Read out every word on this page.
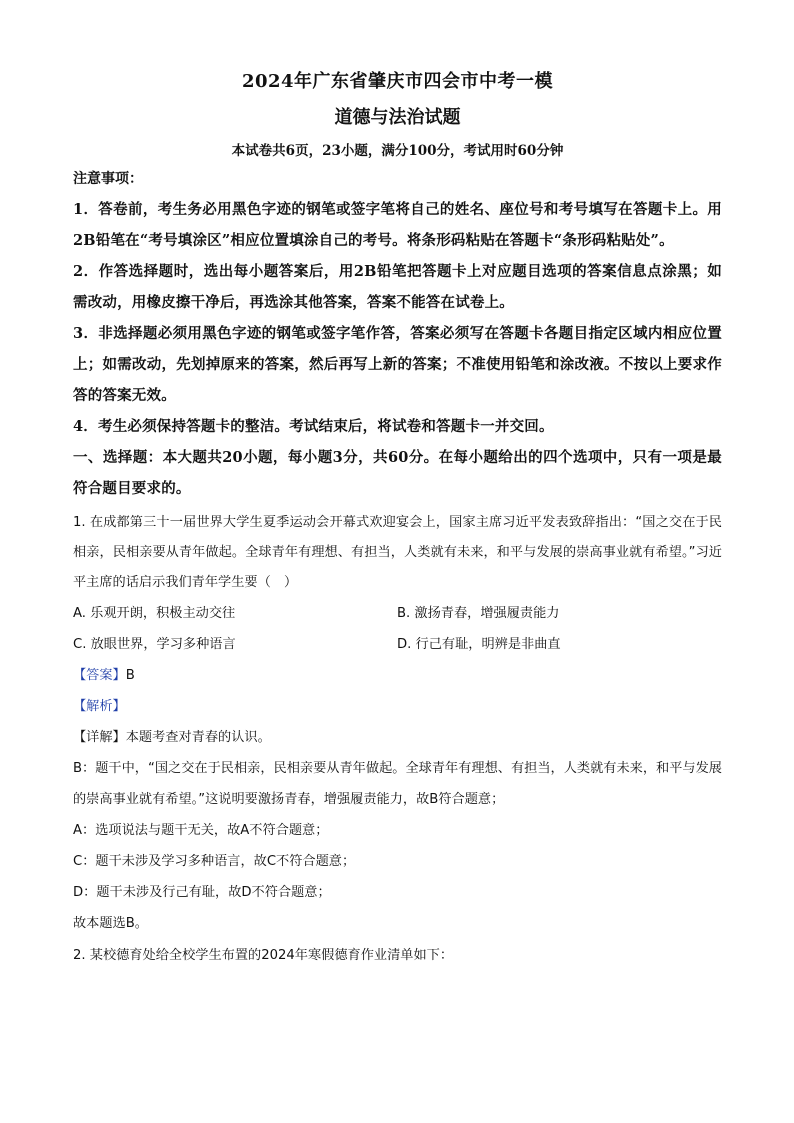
2024年广东省肇庆市四会市中考一模
道德与法治试题

本试卷共6页，23小题，满分100分，考试用时60分钟

注意事项：

1．答卷前，考生务必用黑色字迹的钢笔或签字笔将自己的姓名、座位号和考号填写在答题卡上。用2B铅笔在“考号填涂区”相应位置填涂自己的考号。将条形码粘贴在答题卡“条形码粘贴处”。

2．作答选择题时，选出每小题答案后，用2B铅笔把答题卡上对应题目选项的答案信息点涂黑；如需改动，用橡皮擦干净后，再选涂其他答案，答案不能答在试卷上。

3．非选择题必须用黑色字迹的钢笔或签字笔作答，答案必须写在答题卡各题目指定区域内相应位置上；如需改动，先划掉原来的答案，然后再写上新的答案；不准使用铅笔和涂改液。不按以上要求作答的答案无效。

4．考生必须保持答题卡的整洁。考试结束后，将试卷和答题卡一并交回。

一、选择题：本大题共20小题，每小题3分，共60分。在每小题给出的四个选项中，只有一项是最符合题目要求的。

1. 在成都第三十一届世界大学生夏季运动会开幕式欢迎宴会上，国家主席习近平发表致辞指出：“国之交在于民相亲，民相亲要从青年做起。全球青年有理想、有担当，人类就有未来，和平与发展的崇高事业就有希望。”习近平主席的话启示我们青年学生要（　）

A. 乐观开朗，积极主动交往	B. 激扬青春，增强履责能力
C. 放眼世界，学习多种语言	D. 行己有耻，明辨是非曲直

【答案】B

【解析】

【详解】本题考查对青春的认识。

B：题干中，“国之交在于民相亲，民相亲要从青年做起。全球青年有理想、有担当，人类就有未来，和平与发展的崇高事业就有希望。”这说明要激扬青春，增强履责能力，故B符合题意；

A：选项说法与题干无关，故A不符合题意；

C：题干未涉及学习多种语言，故C不符合题意；

D：题干未涉及行己有耻，故D不符合题意；

故本题选B。

2. 某校德育处给全校学生布置的2024年寒假德育作业清单如下：
